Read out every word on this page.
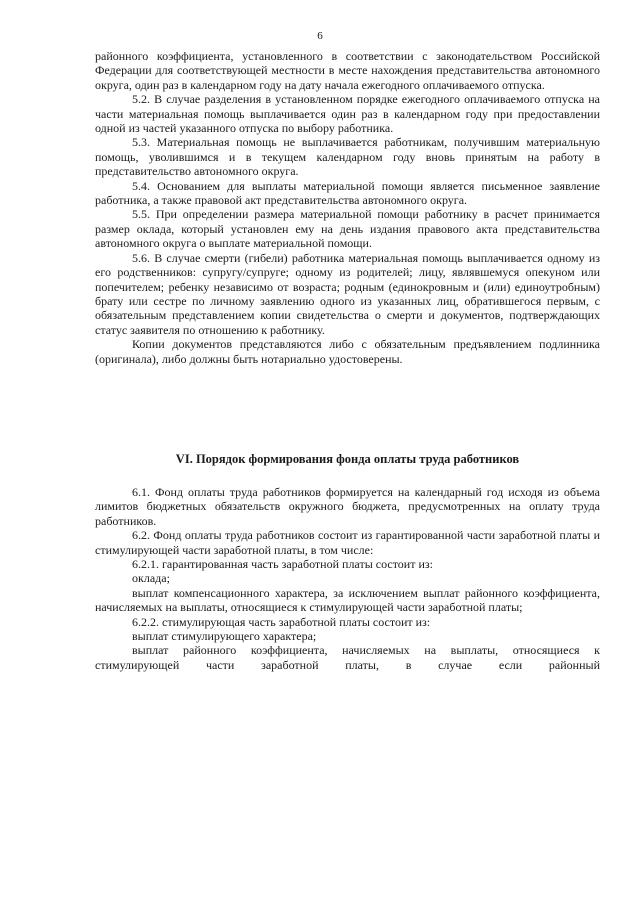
6

районного коэффициента, установленного в соответствии с законодательством Российской Федерации для соответствующей местности в месте нахождения представительства автономного округа, один раз в календарном году на дату начала ежегодного оплачиваемого отпуска.

5.2. В случае разделения в установленном порядке ежегодного оплачиваемого отпуска на части материальная помощь выплачивается один раз в календарном году при предоставлении одной из частей указанного отпуска по выбору работника.

5.3. Материальная помощь не выплачивается работникам, получившим материальную помощь, уволившимся и в текущем календарном году вновь принятым на работу в представительство автономного округа.

5.4. Основанием для выплаты материальной помощи является письменное заявление работника, а также правовой акт представительства автономного округа.

5.5. При определении размера материальной помощи работнику в расчет принимается размер оклада, который установлен ему на день издания правового акта представительства автономного округа о выплате материальной помощи.

5.6. В случае смерти (гибели) работника материальная помощь выплачивается одному из его родственников: супругу/супруге; одному из родителей; лицу, являвшемуся опекуном или попечителем; ребенку независимо от возраста; родным (единокровным и (или) единоутробным) брату или сестре по личному заявлению одного из указанных лиц, обратившегося первым, с обязательным представлением копии свидетельства о смерти и документов, подтверждающих статус заявителя по отношению к работнику.

Копии документов представляются либо с обязательным предъявлением подлинника (оригинала), либо должны быть нотариально удостоверены.

VI. Порядок формирования фонда оплаты труда работников

6.1. Фонд оплаты труда работников формируется на календарный год исходя из объема лимитов бюджетных обязательств окружного бюджета, предусмотренных на оплату труда работников.

6.2. Фонд оплаты труда работников состоит из гарантированной части заработной платы и стимулирующей части заработной платы, в том числе:

6.2.1. гарантированная часть заработной платы состоит из:

оклада;

выплат компенсационного характера, за исключением выплат районного коэффициента, начисляемых на выплаты, относящиеся к стимулирующей части заработной платы;

6.2.2. стимулирующая часть заработной платы состоит из:

выплат стимулирующего характера;

выплат районного коэффициента, начисляемых на выплаты, относящиеся к стимулирующей части заработной платы, в случае если районный
